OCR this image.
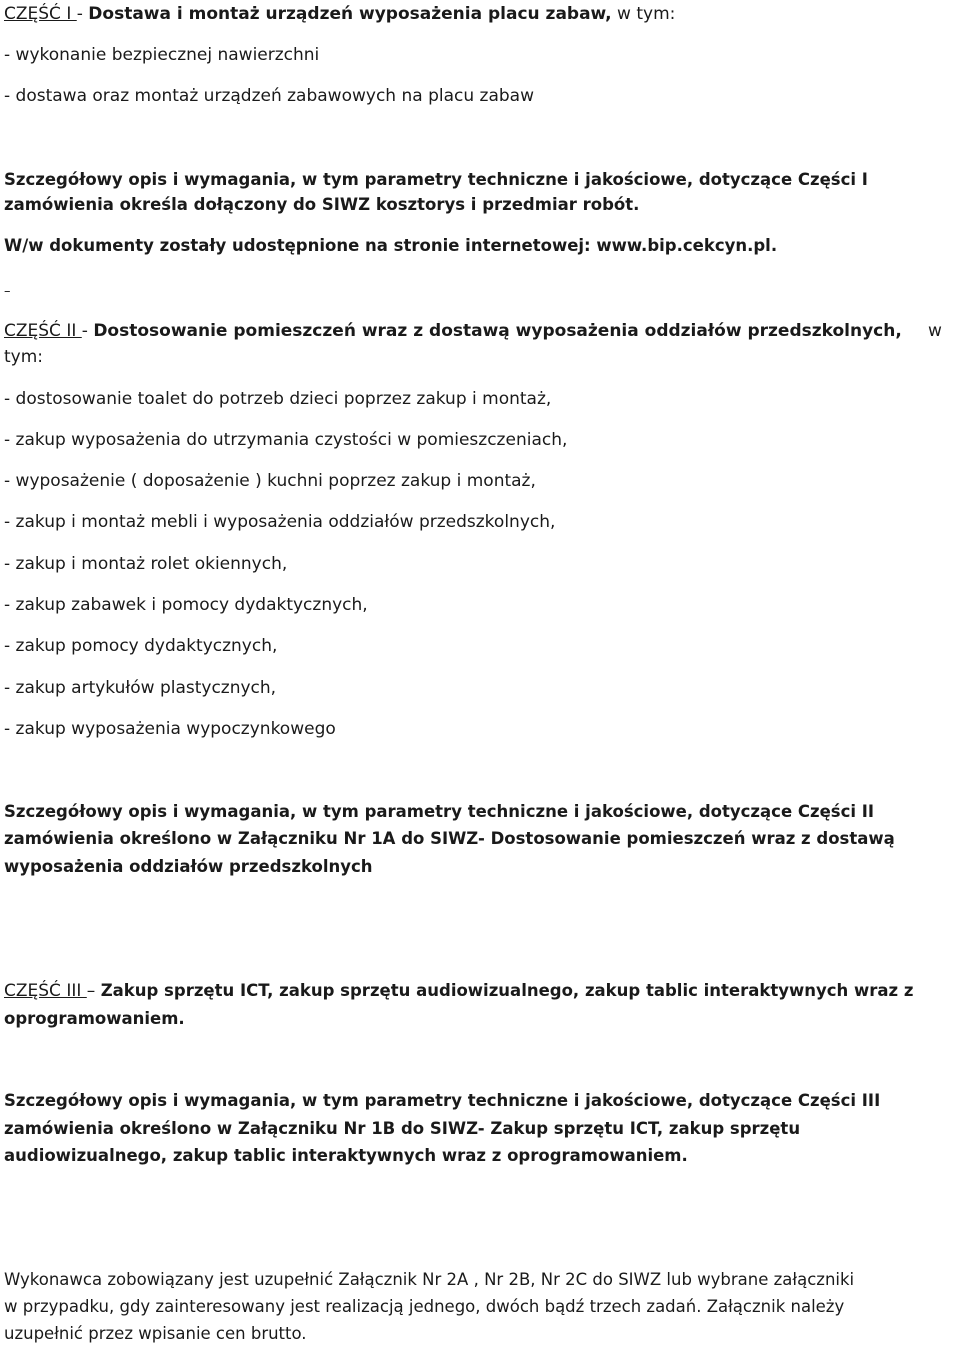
CZĘŚĆ I - Dostawa i montaż urządzeń wyposażenia placu zabaw, w tym:
- wykonanie bezpiecznej nawierzchni
- dostawa oraz montaż urządzeń zabawowych na placu zabaw
Szczegółowy opis i wymagania, w tym parametry techniczne i jakościowe, dotyczące Części I
zamówienia określa dołączony do SIWZ kosztorys i przedmiar robót.
W/w dokumenty zostały udostępnione na stronie internetowej: www.bip.cekcyn.pl.
–
CZĘŚĆ II - Dostosowanie pomieszczeń wraz z dostawą wyposażenia oddziałów przedszkolnych, w
tym:
- dostosowanie toalet do potrzeb dzieci poprzez zakup i montaż,
- zakup wyposażenia do utrzymania czystości w pomieszczeniach,
- wyposażenie ( doposażenie ) kuchni poprzez zakup i montaż,
- zakup i montaż mebli i wyposażenia oddziałów przedszkolnych,
- zakup i montaż rolet okiennych,
- zakup zabawek i pomocy dydaktycznych,
- zakup pomocy dydaktycznych,
- zakup artykułów plastycznych,
- zakup wyposażenia wypoczynkowego
Szczegółowy opis i wymagania, w tym parametry techniczne i jakościowe, dotyczące Części II
zamówienia określono w Załączniku Nr 1A do SIWZ- Dostosowanie pomieszczeń wraz z dostawą
wyposażenia oddziałów przedszkolnych
CZĘŚĆ III – Zakup sprzętu ICT, zakup sprzętu audiowizualnego, zakup tablic interaktywnych wraz z
oprogramowaniem.
Szczegółowy opis i wymagania, w tym parametry techniczne i jakościowe, dotyczące Części III
zamówienia określono w Załączniku Nr 1B do SIWZ- Zakup sprzętu ICT, zakup sprzętu
audiowizualnego, zakup tablic interaktywnych wraz z oprogramowaniem.
Wykonawca zobowiązany jest uzupełnić Załącznik Nr 2A , Nr 2B, Nr 2C do SIWZ lub wybrane załączniki
w przypadku, gdy zainteresowany jest realizacją jednego, dwóch bądź trzech zadań. Załącznik należy
uzupełnić przez wpisanie cen brutto.
